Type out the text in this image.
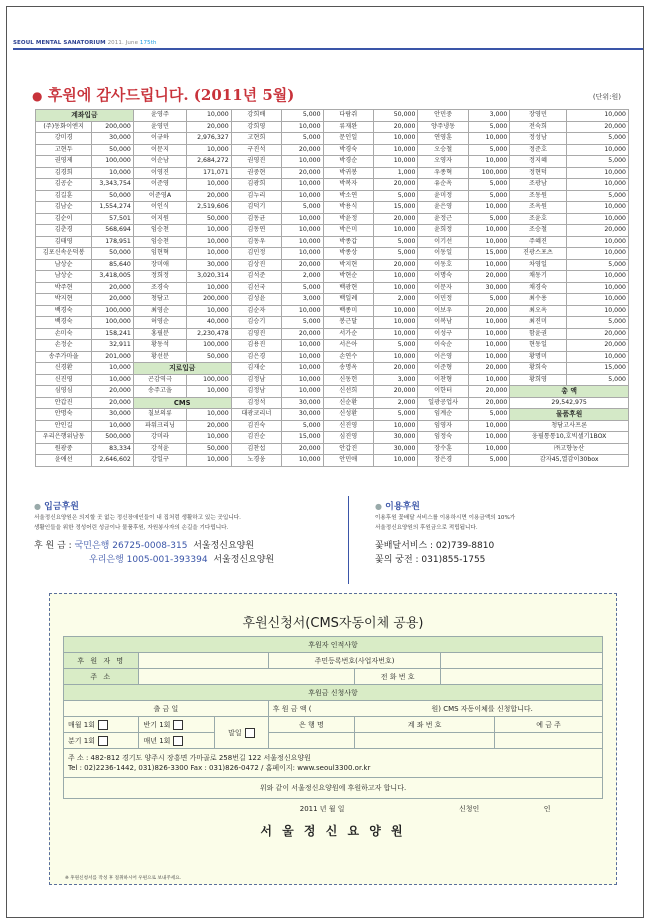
SEOUL MENTAL SANATORIUM 2011. June 175th
● 후원에 감사드립니다. (2011년 5월)	(단위:원)
계좌입금		윤영주	10,000	강희배	5,000	다람쥐	50,000	안민중	3,000	장영민	10,000
(주)동화이엔지	200,000	윤영민	20,000	강희영	10,000	류재완	20,000	양주냉동	5,000	전숙희	20,000
강미경	30,000	이규하	2,976,327	고현희	5,000	문인일	10,000	연영훈	10,000	정성남	5,000
고현두	50,000	이문지	10,000	구진석	20,000	박경숙	10,000	오승철	5,000	정준호	10,000
권영제	100,000	이순남	2,684,272	권영진	10,000	박경순	10,000	오영자	10,000	정지혜	5,000
김경희	10,000	이영진	171,071	권중현	20,000	박귀봉	1,000	우종혁	100,000	정현덕	10,000
김공순	3,343,754	이준영	10,000	김광희	10,000	박복자	20,000	유순옥	5,000	조광남	10,000
김길훈	50,000	이준영A	20,000	김누리	10,000	박소연	5,000	윤미정	5,000	조동원	5,000
김남순	1,554,274	이인식	2,519,606	김덕기	5,000	박용식	15,000	윤은영	10,000	조옥원	10,000
김순이	57,501	이지원	50,000	김동균	10,000	박윤정	20,000	윤정근	5,000	조윤호	10,000
김춘경	568,694	임승천	10,000	김동연	10,000	박은미	10,000	윤희정	10,000	조승철	20,000
김태영	178,951	임승천	10,000	김동우	10,000	박종갑	5,000	이기선	10,000	주혜진	10,000
김포신속운덕봉	50,000	임현혁	10,000	김민정	10,000	박종상	5,000	이동일	15,000	진광스포츠	10,000
남상순	85,640	장미애	30,000	김상진	20,000	박지현	20,000	이동호	10,000	차영일	5,000
남상순	3,418,005	정희정	3,020,314	김석준	2,000	박현순	10,000	이명숙	20,000	채동기	10,000
박주현	20,000	조경숙	10,000	김선국	5,000	백광현	10,000	이문자	30,000	채경숙	10,000
박지현	20,000	청담고	200,000	김성윤	3,000	백일례	2,000	이민정	5,000	최수용	10,000
백경숙	100,000	최영순	10,000	김순자	10,000	백종미	10,000	이보우	20,000	최오옥	10,000
백경숙	100,000	허영순	40,000	김승기	5,000	봉근달	10,000	이복남	10,000	최진미	5,000
손미숙	158,241	홍필분	2,230,478	김영진	20,000	서가순	10,000	이성구	10,000	함윤권	20,000
손정순	32,911	황동석	100,000	김용진	10,000	서은아	5,000	이숙순	10,000	현동일	20,000
송주가마을	201,000	황선분	50,000	김은경	10,000	손연수	10,000	이은영	10,000	황명미	10,000
신경환	10,000	지로입금		김재순	10,000	송명옥	20,000	이준형	20,000	황희숙	15,000
신진영	10,000	곤감역극	100,000	김정남	10,000	신동헌	3,000	이찬형	10,000	황희영	5,000
심영심	20,000	송주고을	10,000	김정남	10,000	신선희	20,000	이한터	20,000	총 액	
안갑진	20,000	CMS		김정석	30,000	신순환	2,000	일광공업사	20,000	29,542,975	
안명숙	30,000	칠보의류	10,000	대광코리너	30,000	신성환	5,000	임계순	5,000	물품후원	
안인길	10,000	파워크리닝	20,000	김진숙	5,000	신진영	10,000	임영자	10,000	청담고사프론	
우리은행위남동	500,000	강미라	10,000	김진순	15,000	심진영	30,000	임정숙	10,000	웅필통통10,호빅셀기1BOX	
원광중	83,334	강석윤	50,000	김찬섭	20,000	안갑진	30,000	장수훈	10,000	㈜고향농산	
윤애선	2,646,602	강일구	10,000	노경웅	10,000	안민애	10,000	장은경	5,000	감자45,열감이30box	
● 입금후원
서울정신요양원은 의지할 곳 없는 정신장애인들이 내 집처럼 생활하고 있는 곳입니다.
생활인들을 위한 정성어린 성금이나 물품후원, 자원봉사자의 손길을 기다립니다.
후 원 금 : 국민은행 26725-0008-315 서울정신요양원
우리은행 1005-001-393394 서울정신요양원
● 이용후원
이용후원 꽃배달 서비스를 이용하시면 이용금액의 10%가
서울정신요양원의 후원금으로 적립됩니다.
꽃배달서비스 : 02)739-8810
꽃의 궁전 : 031)855-1755
후원신청서(CMS자동이체 공용)
후원자 인적사항						
후 원 자 명			주민등록번호(사업자번호)			
주 소				전 화 번 호		
후원금 신청사항						
출 금 일			후 원 금 액 ( 원) CMS 자동이체를 신청합니다.			
매월 1회	반기 1회	말일	은 행 명	계 좌 번 호		예 금 주
분기 1회	매년 1회					

주 소 : 482-812 경기도 양주시 장흥면 가마골로 258번길 122 서울정신요양원
Tel : 02)2236-1442, 031)826-3300 Fax : 031)826-0472 / 홈페이지: www.seoul3300.or.kr						

위와 같이 서울정신요양원에 후원하고자 합니다.						
2011 년 월 일 신청인 인						
서 울 정 신 요 양 원						
※ 후원신청서를 작성 후 절취하시어 우편으로 보내주세요.
